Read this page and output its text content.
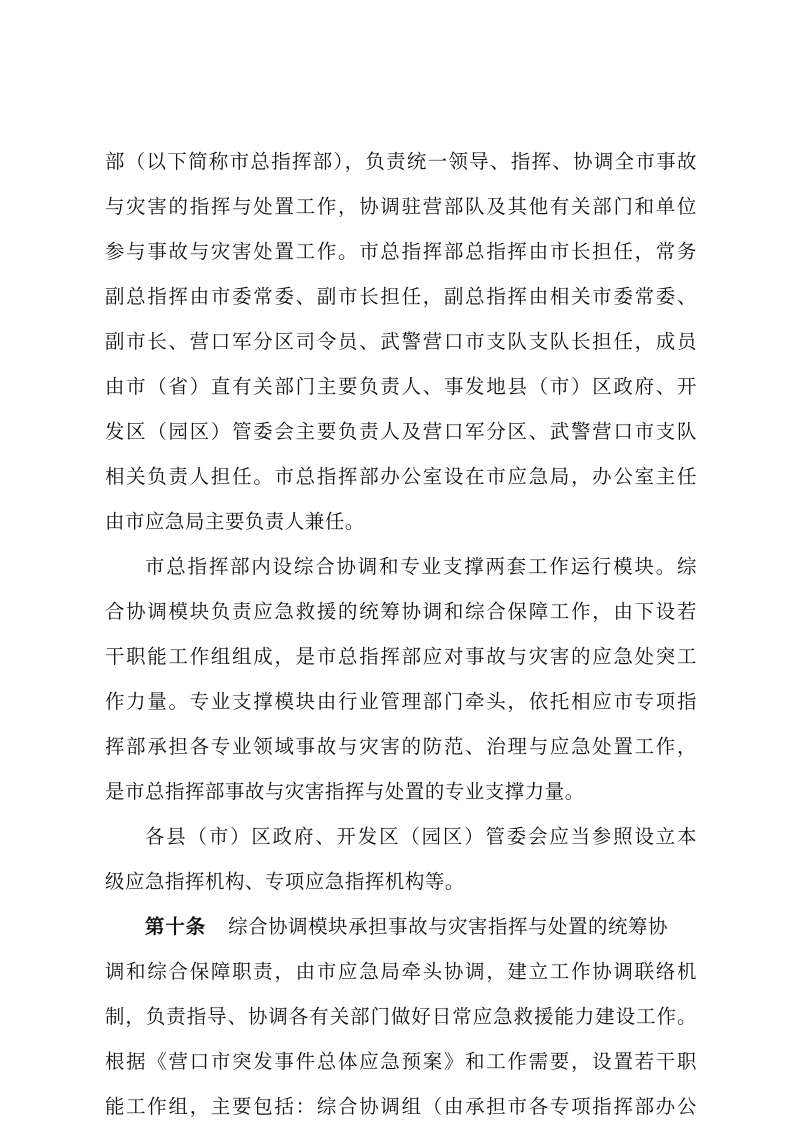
部（以下简称市总指挥部），负责统一领导、指挥、协调全市事故
与灾害的指挥与处置工作，协调驻营部队及其他有关部门和单位
参与事故与灾害处置工作。市总指挥部总指挥由市长担任，常务
副总指挥由市委常委、副市长担任，副总指挥由相关市委常委、
副市长、营口军分区司令员、武警营口市支队支队长担任，成员
由市（省）直有关部门主要负责人、事发地县（市）区政府、开
发区（园区）管委会主要负责人及营口军分区、武警营口市支队
相关负责人担任。市总指挥部办公室设在市应急局，办公室主任
由市应急局主要负责人兼任。
市总指挥部内设综合协调和专业支撑两套工作运行模块。综
合协调模块负责应急救援的统筹协调和综合保障工作，由下设若
干职能工作组组成，是市总指挥部应对事故与灾害的应急处突工
作力量。专业支撑模块由行业管理部门牵头，依托相应市专项指
挥部承担各专业领域事故与灾害的防范、治理与应急处置工作，
是市总指挥部事故与灾害指挥与处置的专业支撑力量。
各县（市）区政府、开发区（园区）管委会应当参照设立本
级应急指挥机构、专项应急指挥机构等。
第十条 综合协调模块承担事故与灾害指挥与处置的统筹协
调和综合保障职责，由市应急局牵头协调，建立工作协调联络机
制，负责指导、协调各有关部门做好日常应急救援能力建设工作。
根据《营口市突发事件总体应急预案》和工作需要，设置若干职
能工作组，主要包括：综合协调组（由承担市各专项指挥部办公
